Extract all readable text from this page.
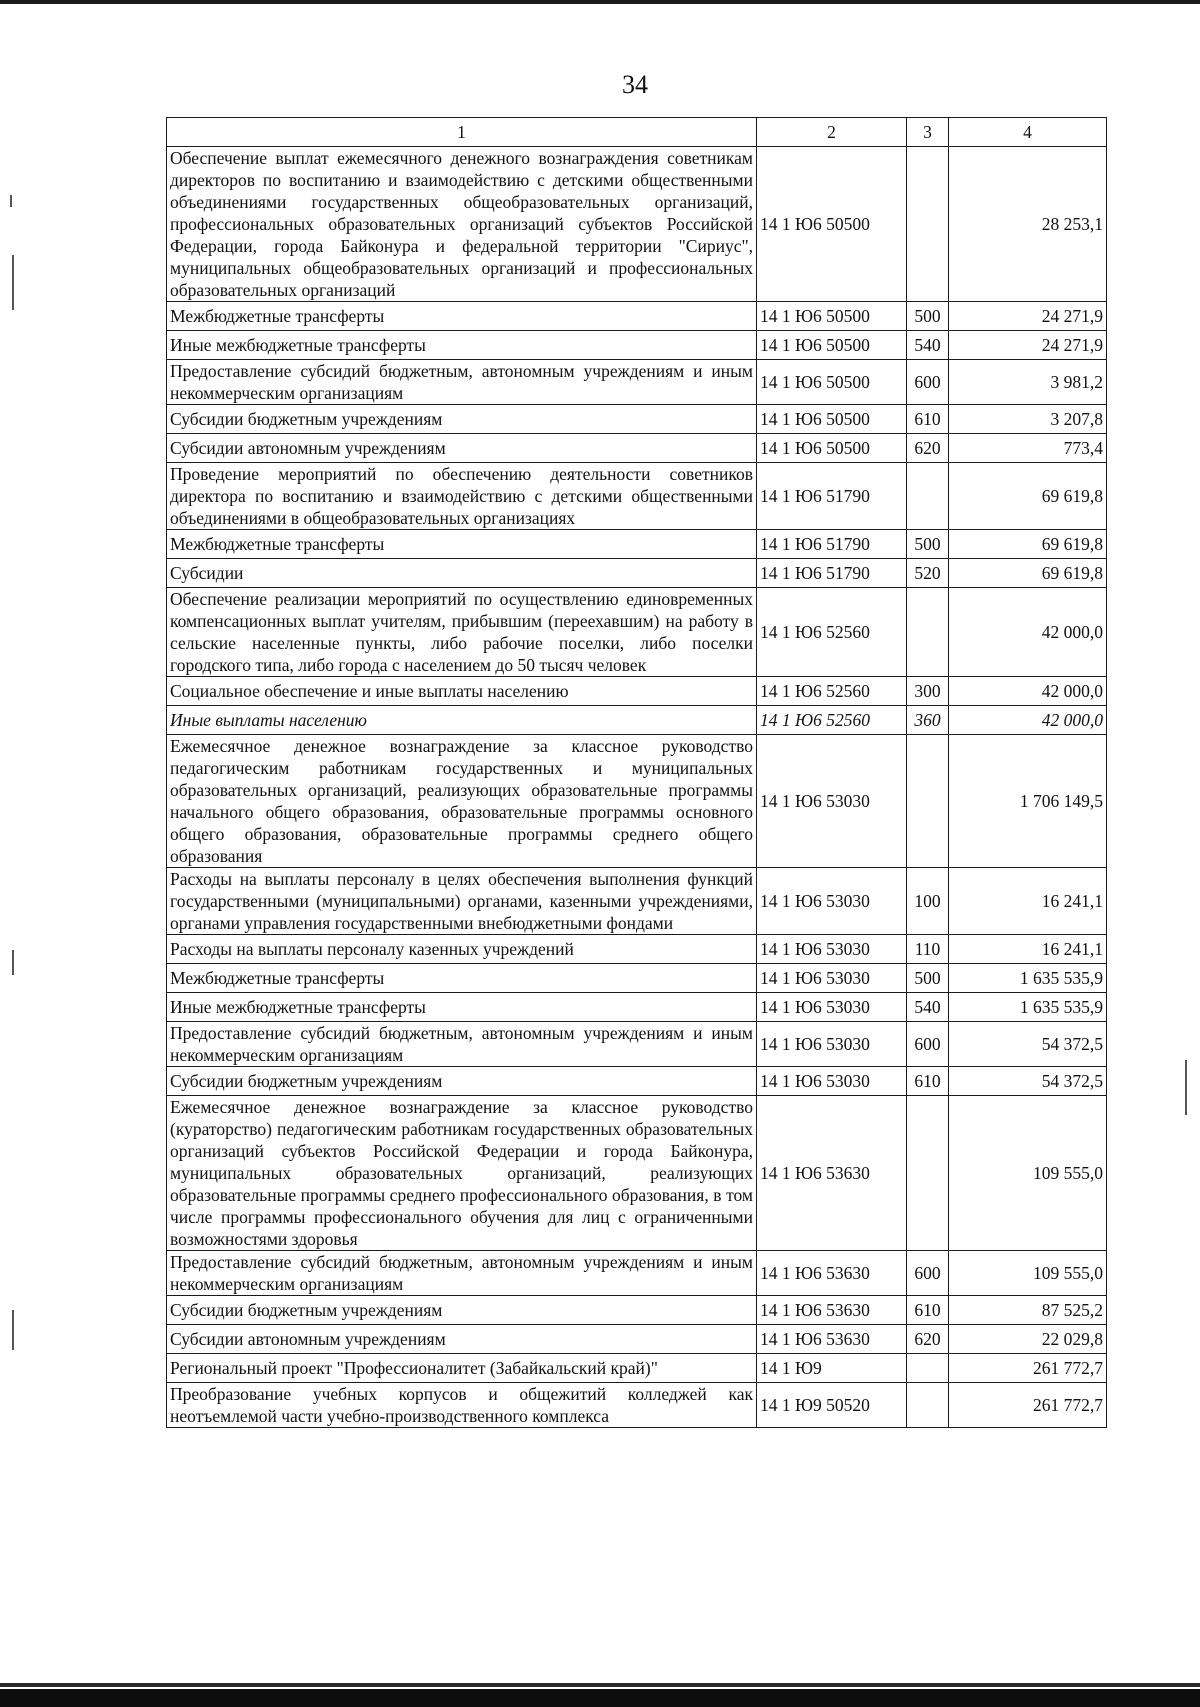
34
1	2	3	4
Обеспечение выплат ежемесячного денежного вознаграждения советникам директоров по воспитанию и взаимодействию с детскими общественными объединениями государственных общеобразовательных организаций, профессиональных образовательных организаций субъектов Российской Федерации, города Байконура и федеральной территории "Сириус", муниципальных общеобразовательных организаций и профессиональных образовательных организаций	14 1 Ю6 50500		28 253,1
Межбюджетные трансферты	14 1 Ю6 50500	500	24 271,9
Иные межбюджетные трансферты	14 1 Ю6 50500	540	24 271,9
Предоставление субсидий бюджетным, автономным учреждениям и иным некоммерческим организациям	14 1 Ю6 50500	600	3 981,2
Субсидии бюджетным учреждениям	14 1 Ю6 50500	610	3 207,8
Субсидии автономным учреждениям	14 1 Ю6 50500	620	773,4
Проведение мероприятий по обеспечению деятельности советников директора по воспитанию и взаимодействию с детскими общественными объединениями в общеобразовательных организациях	14 1 Ю6 51790		69 619,8
Межбюджетные трансферты	14 1 Ю6 51790	500	69 619,8
Субсидии	14 1 Ю6 51790	520	69 619,8
Обеспечение реализации мероприятий по осуществлению единовременных компенсационных выплат учителям, прибывшим (переехавшим) на работу в сельские населенные пункты, либо рабочие поселки, либо поселки городского типа, либо города с населением до 50 тысяч человек	14 1 Ю6 52560		42 000,0
Социальное обеспечение и иные выплаты населению	14 1 Ю6 52560	300	42 000,0
Иные выплаты населению	14 1 Ю6 52560	360	42 000,0
Ежемесячное денежное вознаграждение за классное руководство педагогическим работникам государственных и муниципальных образовательных организаций, реализующих образовательные программы начального общего образования, образовательные программы основного общего образования, образовательные программы среднего общего образования	14 1 Ю6 53030		1 706 149,5
Расходы на выплаты персоналу в целях обеспечения выполнения функций государственными (муниципальными) органами, казенными учреждениями, органами управления государственными внебюджетными фондами	14 1 Ю6 53030	100	16 241,1
Расходы на выплаты персоналу казенных учреждений	14 1 Ю6 53030	110	16 241,1
Межбюджетные трансферты	14 1 Ю6 53030	500	1 635 535,9
Иные межбюджетные трансферты	14 1 Ю6 53030	540	1 635 535,9
Предоставление субсидий бюджетным, автономным учреждениям и иным некоммерческим организациям	14 1 Ю6 53030	600	54 372,5
Субсидии бюджетным учреждениям	14 1 Ю6 53030	610	54 372,5
Ежемесячное денежное вознаграждение за классное руководство (кураторство) педагогическим работникам государственных образовательных организаций субъектов Российской Федерации и города Байконура, муниципальных образовательных организаций, реализующих образовательные программы среднего профессионального образования, в том числе программы профессионального обучения для лиц с ограниченными возможностями здоровья	14 1 Ю6 53630		109 555,0
Предоставление субсидий бюджетным, автономным учреждениям и иным некоммерческим организациям	14 1 Ю6 53630	600	109 555,0
Субсидии бюджетным учреждениям	14 1 Ю6 53630	610	87 525,2
Субсидии автономным учреждениям	14 1 Ю6 53630	620	22 029,8
Региональный проект "Профессионалитет (Забайкальский край)"	14 1 Ю9		261 772,7
Преобразование учебных корпусов и общежитий колледжей как неотъемлемой части учебно-производственного комплекса	14 1 Ю9 50520		261 772,7
